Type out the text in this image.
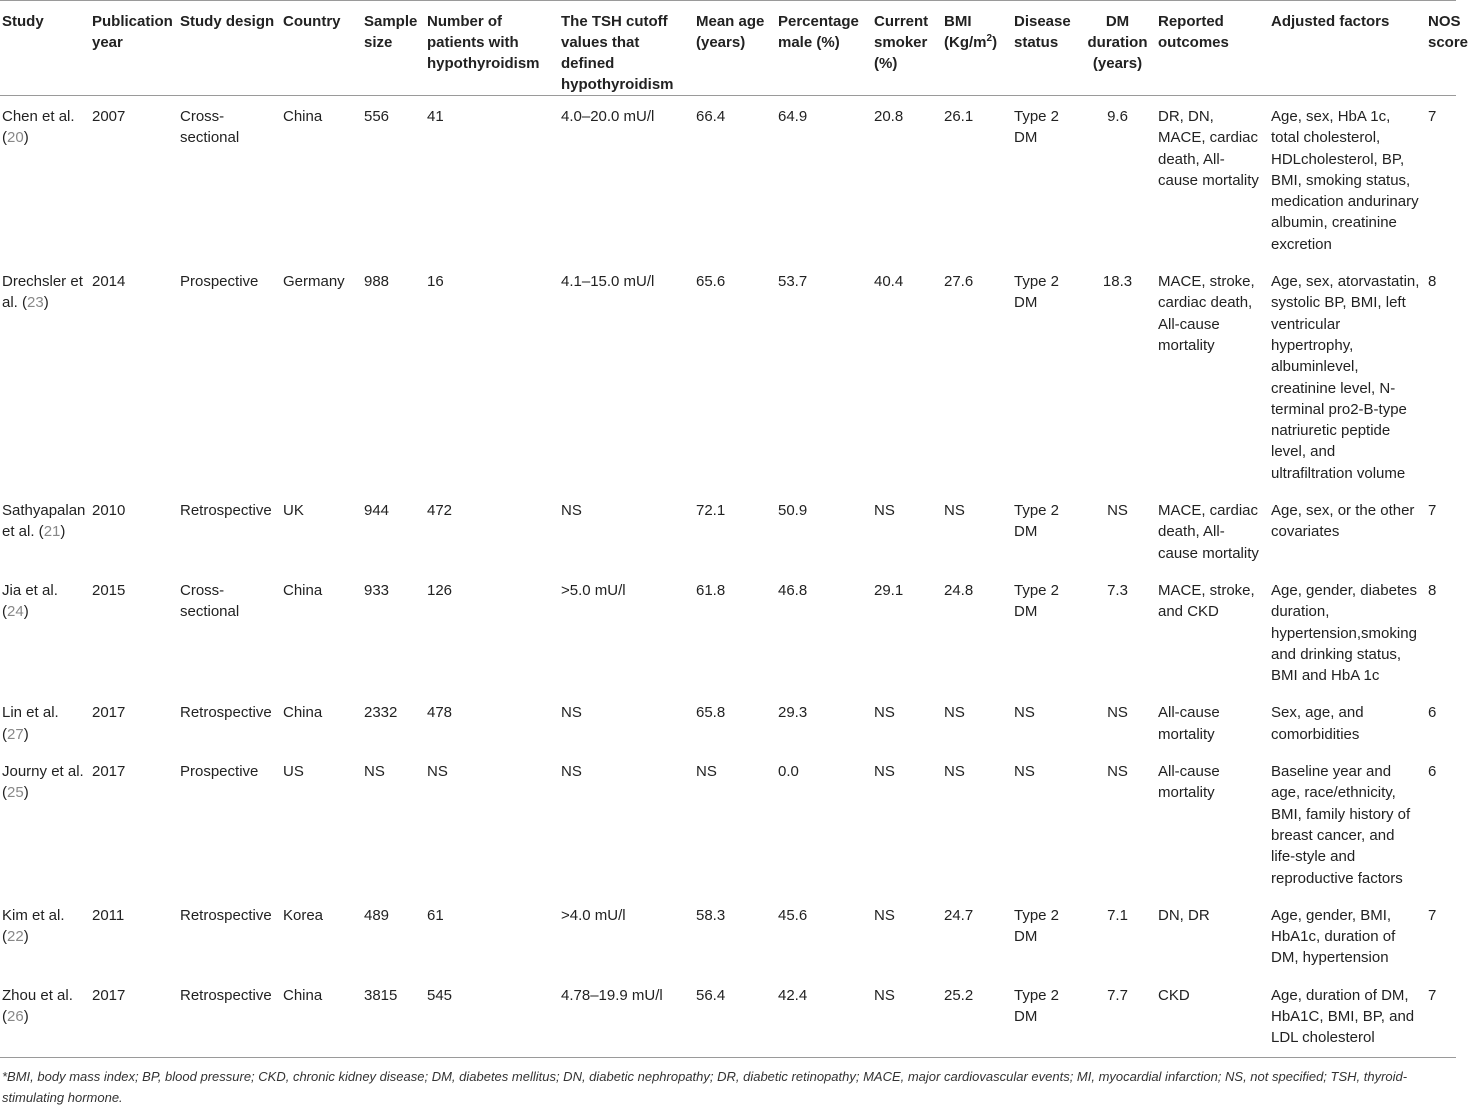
Study	Publication year	Study design	Country	Sample size	Number of patients with hypothyroidism	The TSH cutoff values that defined hypothyroidism	Mean age (years)	Percentage male (%)	Current smoker (%)	BMI $(Kg/m^2)$	Disease status	DM duration (years)	Reported outcomes	Adjusted factors	NOS score
Chen et al. (20)	2007	Cross-sectional	China	556	41	4.0–20.0 mU/l	66.4	64.9	20.8	26.1	Type 2 DM	9.6	DR, DN, MACE, cardiac death, All-cause mortality	Age, sex, HbA 1c, total cholesterol, HDLcholesterol, BP, BMI, smoking status, medication andurinary albumin, creatinine excretion	7
Drechsler et al. (23)	2014	Prospective	Germany	988	16	4.1–15.0 mU/l	65.6	53.7	40.4	27.6	Type 2 DM	18.3	MACE, stroke, cardiac death, All-cause mortality	Age, sex, atorvastatin, systolic BP, BMI, left ventricular hypertrophy, albuminlevel, creatinine level, N-terminal pro2-B-type natriuretic peptide level, and ultrafiltration volume	8
Sathyapalan et al. (21)	2010	Retrospective	UK	944	472	NS	72.1	50.9	NS	NS	Type 2 DM	NS	MACE, cardiac death, All-cause mortality	Age, sex, or the other covariates	7
Jia et al. (24)	2015	Cross-sectional	China	933	126	>5.0 mU/l	61.8	46.8	29.1	24.8	Type 2 DM	7.3	MACE, stroke, and CKD	Age, gender, diabetes duration, hypertension,smoking and drinking status, BMI and HbA 1c	8
Lin et al. (27)	2017	Retrospective	China	2332	478	NS	65.8	29.3	NS	NS	NS	NS	All-cause mortality	Sex, age, and comorbidities	6
Journy et al. (25)	2017	Prospective	US	NS	NS	NS	NS	0.0	NS	NS	NS	NS	All-cause mortality	Baseline year and age, race/ethnicity, BMI, family history of breast cancer, and life-style and reproductive factors	6
Kim et al. (22)	2011	Retrospective	Korea	489	61	>4.0 mU/l	58.3	45.6	NS	24.7	Type 2 DM	7.1	DN, DR	Age, gender, BMI, HbA1c, duration of DM, hypertension	7
Zhou et al. (26)	2017	Retrospective	China	3815	545	4.78–19.9 mU/l	56.4	42.4	NS	25.2	Type 2 DM	7.7	CKD	Age, duration of DM, HbA1C, BMI, BP, and LDL cholesterol	7
*BMI, body mass index; BP, blood pressure; CKD, chronic kidney disease; DM, diabetes mellitus; DN, diabetic nephropathy; DR, diabetic retinopathy; MACE, major cardiovascular events; MI, myocardial infarction; NS, not specified; TSH, thyroid-stimulating hormone.
